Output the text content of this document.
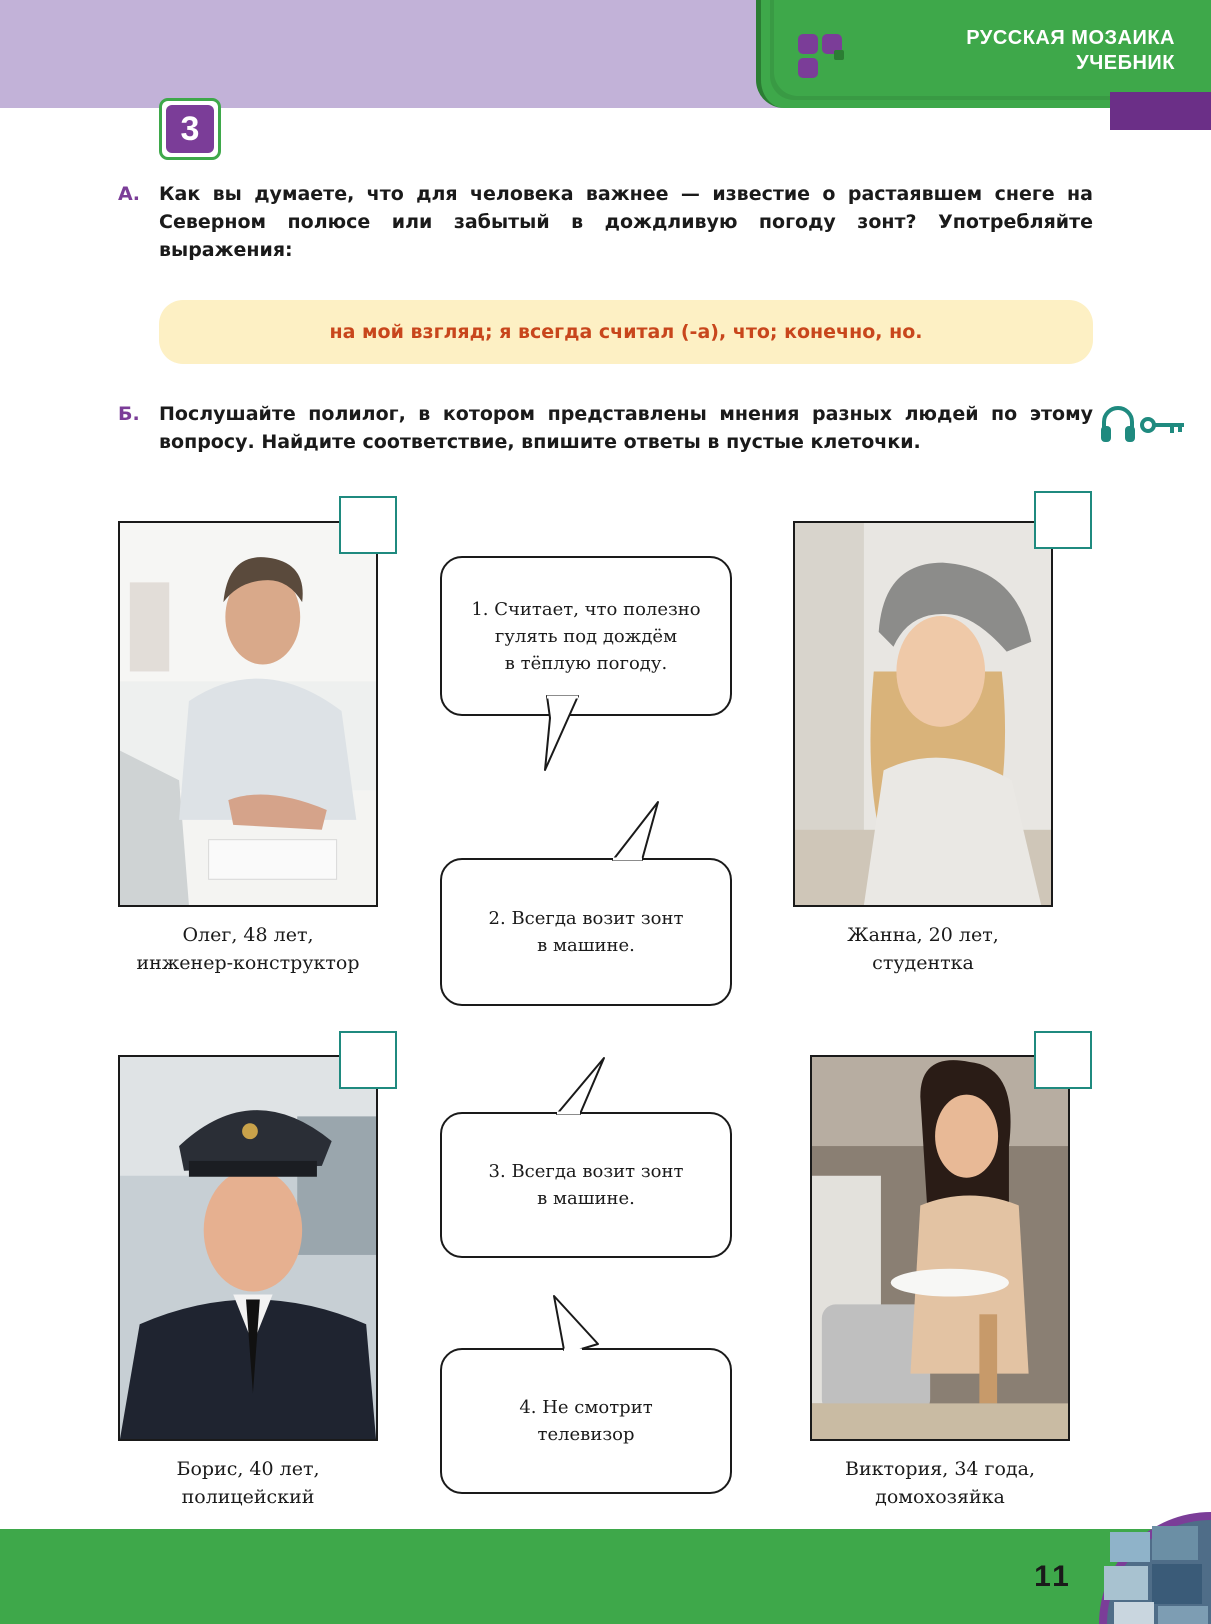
РУССКАЯ МОЗАИКА
УЧЕБНИК
3
А. Как вы думаете, что для человека важнее — известие о растаявшем снеге на Северном полюсе или забытый в дождливую погоду зонт? Употребляйте выражения:
на мой взгляд; я всегда считал (-а), что; конечно, но.
Б. Послушайте полилог, в котором представлены мнения разных людей по этому вопросу. Найдите соответствие, впишите ответы в пустые клеточки.
Олег, 48 лет,
инженер-конструктор
Жанна, 20 лет,
студентка
Борис, 40 лет,
полицейский
Виктория, 34 года,
домохозяйка
1. Считает, что полезно
гулять под дождём
в тёплую погоду.
2. Всегда возит зонт
в машине.
3. Всегда возит зонт
в машине.
4. Не смотрит
телевизор
11
